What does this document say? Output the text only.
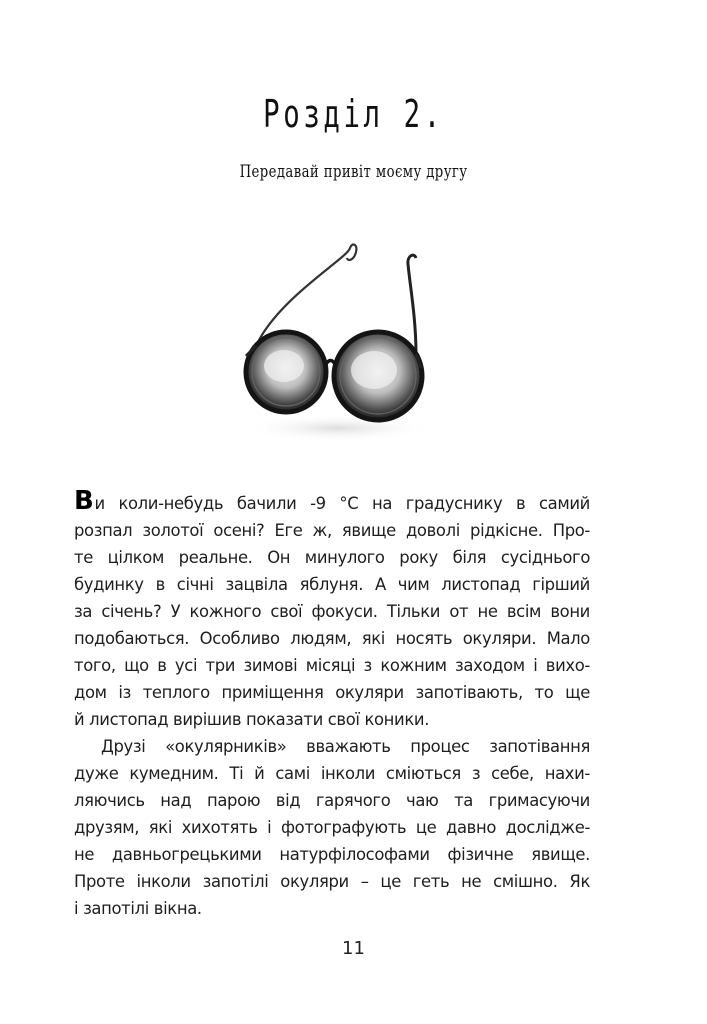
Розділ 2.
Передавай привіт моєму другу
Ви коли-небудь бачили -9 °С на градуснику в самий
розпал золотої осені? Еге ж, явище доволі рідкісне. Про-
те цілком реальне. Он минулого року біля сусіднього
будинку в січні зацвіла яблуня. А чим листопад гірший
за січень? У кожного свої фокуси. Тільки от не всім вони
подобаються. Особливо людям, які носять окуляри. Мало
того, що в усі три зимові місяці з кожним заходом і вихо-
дом із теплого приміщення окуляри запотівають, то ще
й листопад вирішив показати свої коники.
Друзі «окулярників» вважають процес запотівання
дуже кумедним. Ті й самі інколи сміються з себе, нахи-
ляючись над парою від гарячого чаю та гримасуючи
друзям, які хихотять і фотографують це давно дослідже-
не давньогрецькими натурфілософами фізичне явище.
Проте інколи запотілі окуляри – це геть не смішно. Як
і запотілі вікна.
11
